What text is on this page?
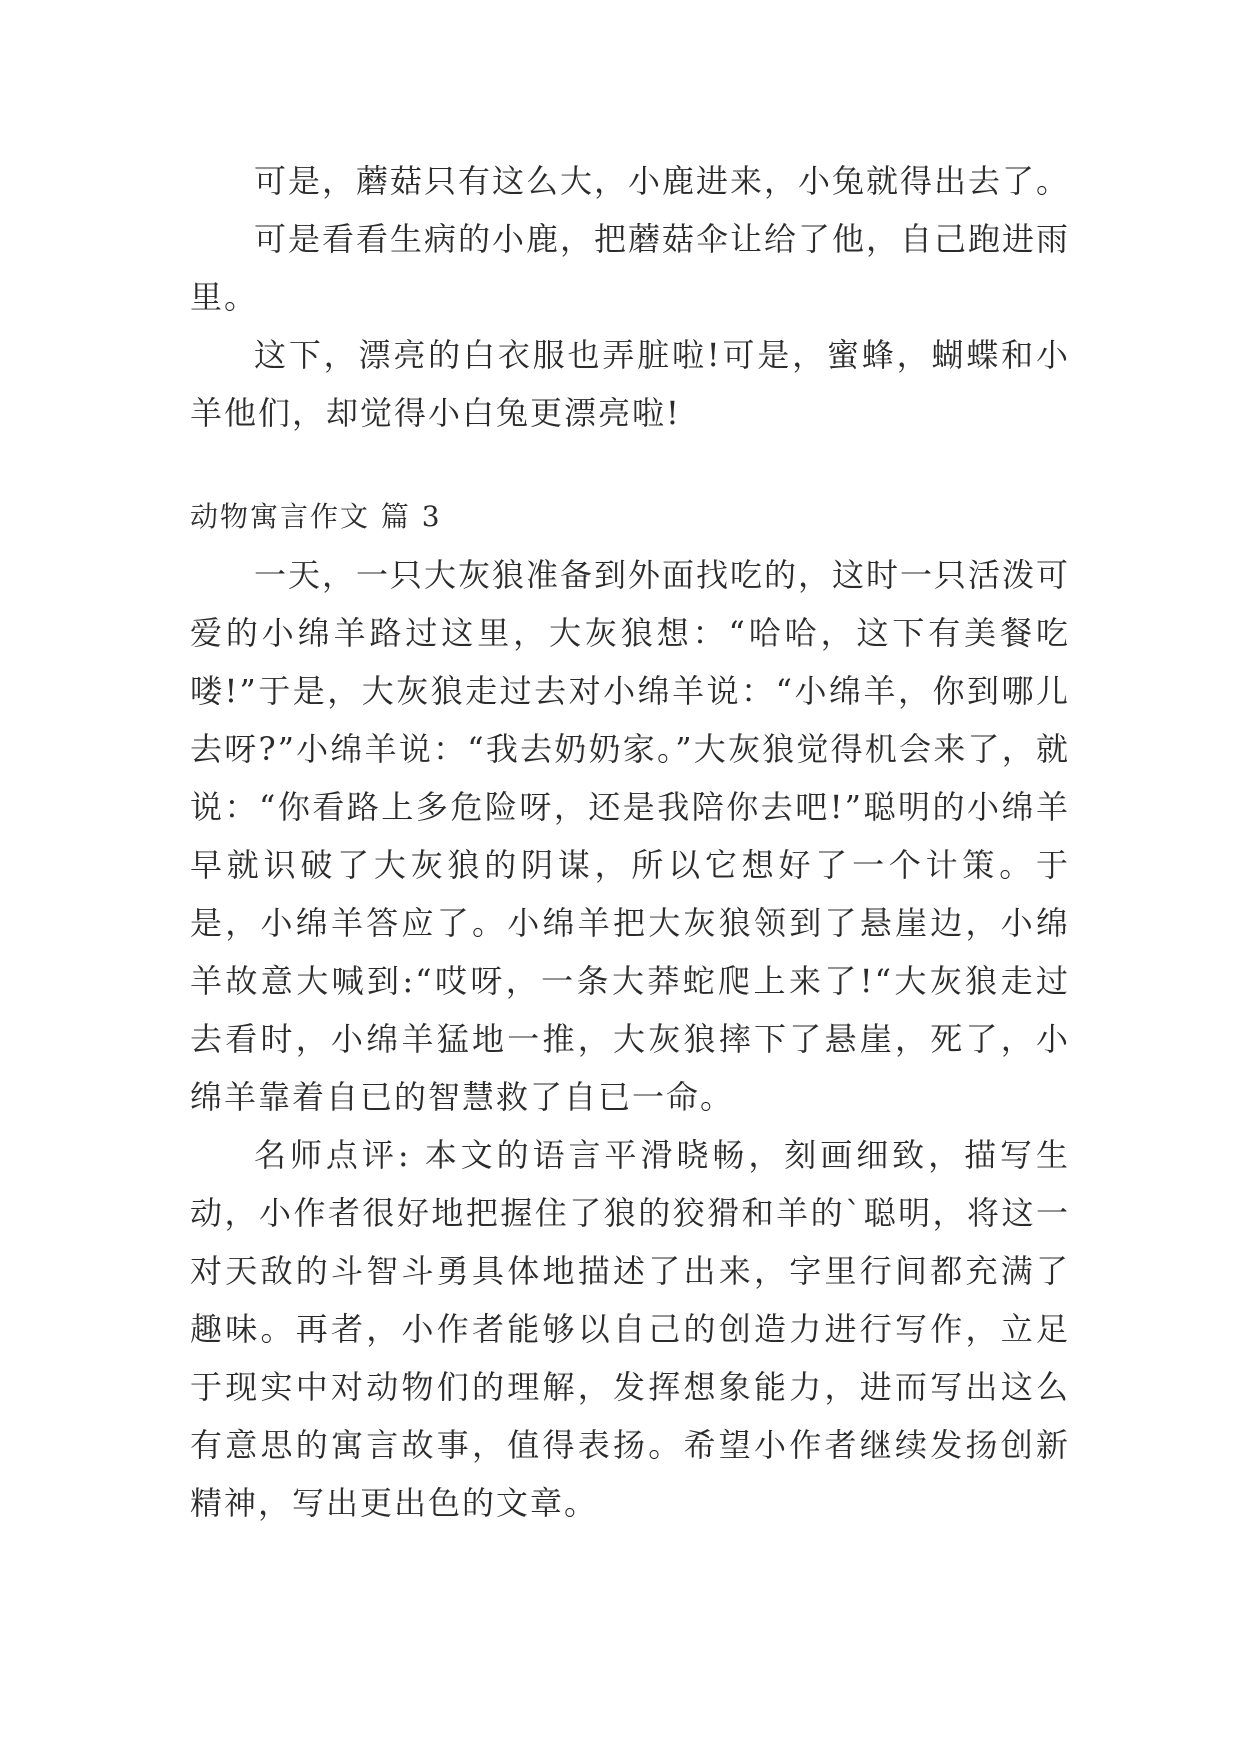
可是，蘑菇只有这么大，小鹿进来，小兔就得出去了。

可是看看生病的小鹿，把蘑菇伞让给了他，自己跑进雨里。

这下，漂亮的白衣服也弄脏啦!可是，蜜蜂，蝴蝶和小羊他们，却觉得小白兔更漂亮啦!

动物寓言作文 篇 3

一天，一只大灰狼准备到外面找吃的，这时一只活泼可爱的小绵羊路过这里，大灰狼想：“哈哈，这下有美餐吃喽!”于是，大灰狼走过去对小绵羊说：“小绵羊，你到哪儿去呀?”小绵羊说：“我去奶奶家。”大灰狼觉得机会来了，就说：“你看路上多危险呀，还是我陪你去吧!”聪明的小绵羊早就识破了大灰狼的阴谋，所以它想好了一个计策。于是，小绵羊答应了。小绵羊把大灰狼领到了悬崖边，小绵羊故意大喊到:“哎呀，一条大莽蛇爬上来了!“大灰狼走过去看时，小绵羊猛地一推，大灰狼摔下了悬崖，死了，小绵羊靠着自已的智慧救了自已一命。

名师点评: 本文的语言平滑晓畅，刻画细致，描写生动，小作者很好地把握住了狼的狡猾和羊的`聪明，将这一对天敌的斗智斗勇具体地描述了出来，字里行间都充满了趣味。再者，小作者能够以自己的创造力进行写作，立足于现实中对动物们的理解，发挥想象能力，进而写出这么有意思的寓言故事，值得表扬。希望小作者继续发扬创新精神，写出更出色的文章。
